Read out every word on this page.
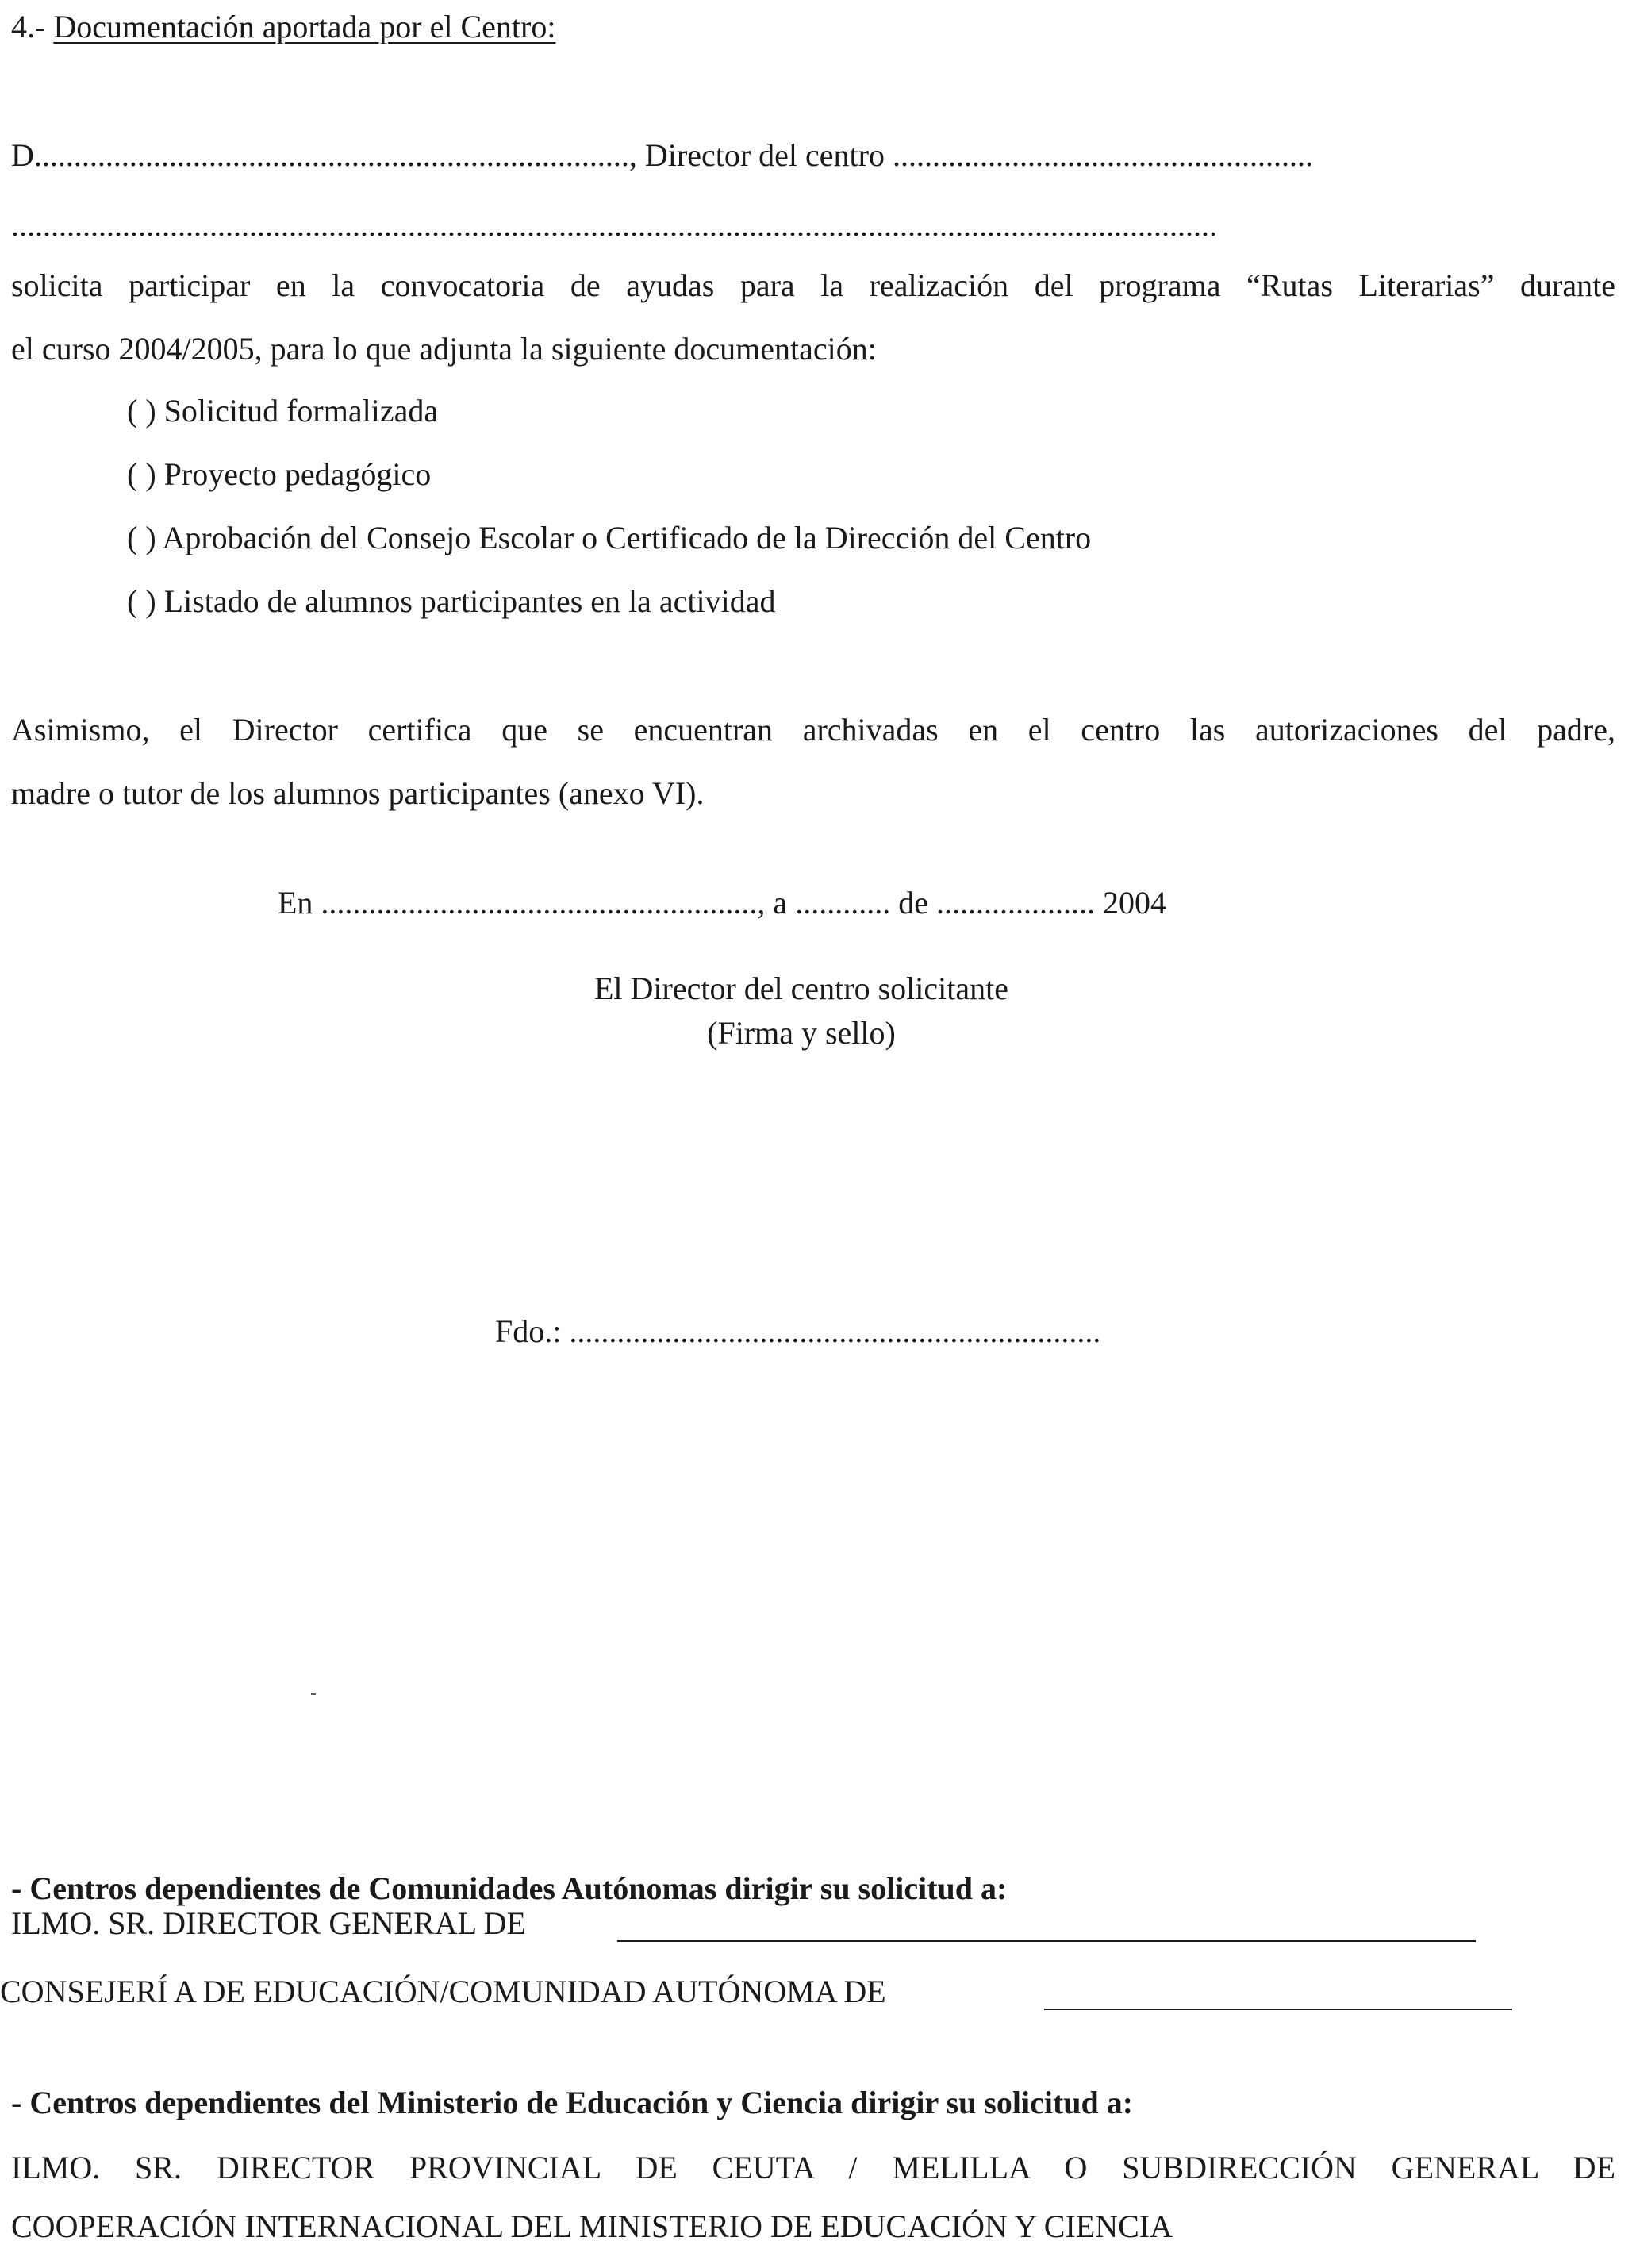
4.- Documentación aportada por el Centro:
D..........................................................................., Director del centro .....................................................
........................................................................................................................................................
solicita participar en la convocatoria de ayudas para la realización del programa “Rutas Literarias” durante
el curso 2004/2005, para lo que adjunta la siguiente documentación:
( ) Solicitud formalizada
( ) Proyecto pedagógico
( ) Aprobación del Consejo Escolar o Certificado de la Dirección del Centro
( ) Listado de alumnos participantes en la actividad
Asimismo, el Director certifica que se encuentran archivadas en el centro las autorizaciones del padre,
madre o tutor de los alumnos participantes (anexo VI).
En ......................................................., a ............ de .................... 2004
El Director del centro solicitante
(Firma y sello)
Fdo.: ...................................................................
- Centros dependientes de Comunidades Autónomas dirigir su solicitud a:
ILMO. SR. DIRECTOR GENERAL DE
CONSEJERÍ A DE EDUCACIÓN/COMUNIDAD AUTÓNOMA DE
- Centros dependientes del Ministerio de Educación y Ciencia dirigir su solicitud a:
ILMO. SR. DIRECTOR PROVINCIAL DE CEUTA / MELILLA O SUBDIRECCIÓN GENERAL DE
COOPERACIÓN INTERNACIONAL DEL MINISTERIO DE EDUCACIÓN Y CIENCIA
